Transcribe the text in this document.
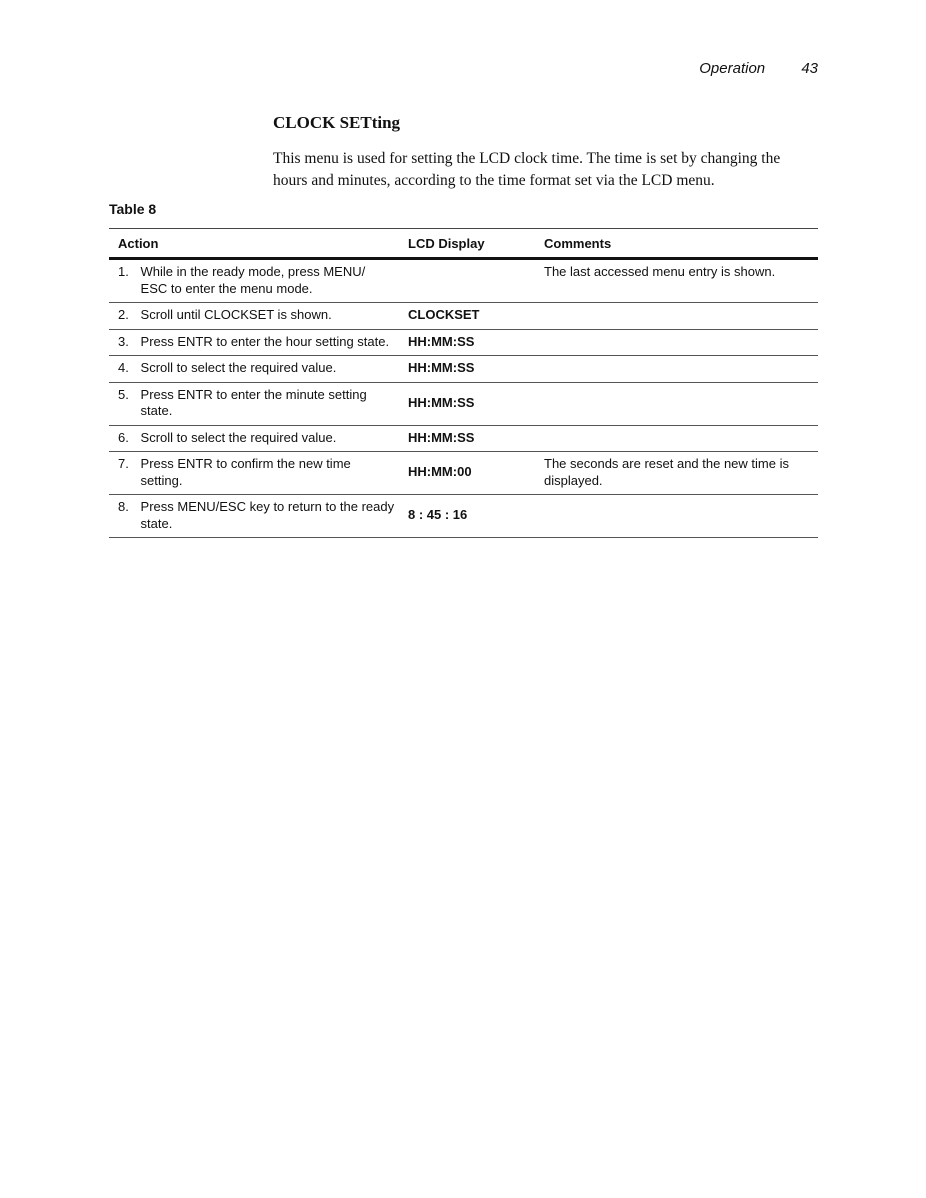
Operation 43
CLOCK SETting

This menu is used for setting the LCD clock time. The time is set by changing the hours and minutes, according to the time format set via the LCD menu.

Table 8
Action		LCD Display	Comments
1.	While in the ready mode, press MENU/ ESC to enter the menu mode.		The last accessed menu entry is shown.
2.	Scroll until CLOCKSET is shown.	CLOCKSET	
3.	Press ENTR to enter the hour setting state.	HH:MM:SS	
4.	Scroll to select the required value.	HH:MM:SS	
5.	Press ENTR to enter the minute setting state.	HH:MM:SS	
6.	Scroll to select the required value.	HH:MM:SS	
7.	Press ENTR to confirm the new time setting.	HH:MM:00	The seconds are reset and the new time is displayed.
8.	Press MENU/ESC key to return to the ready state.	8 : 45 : 16	
